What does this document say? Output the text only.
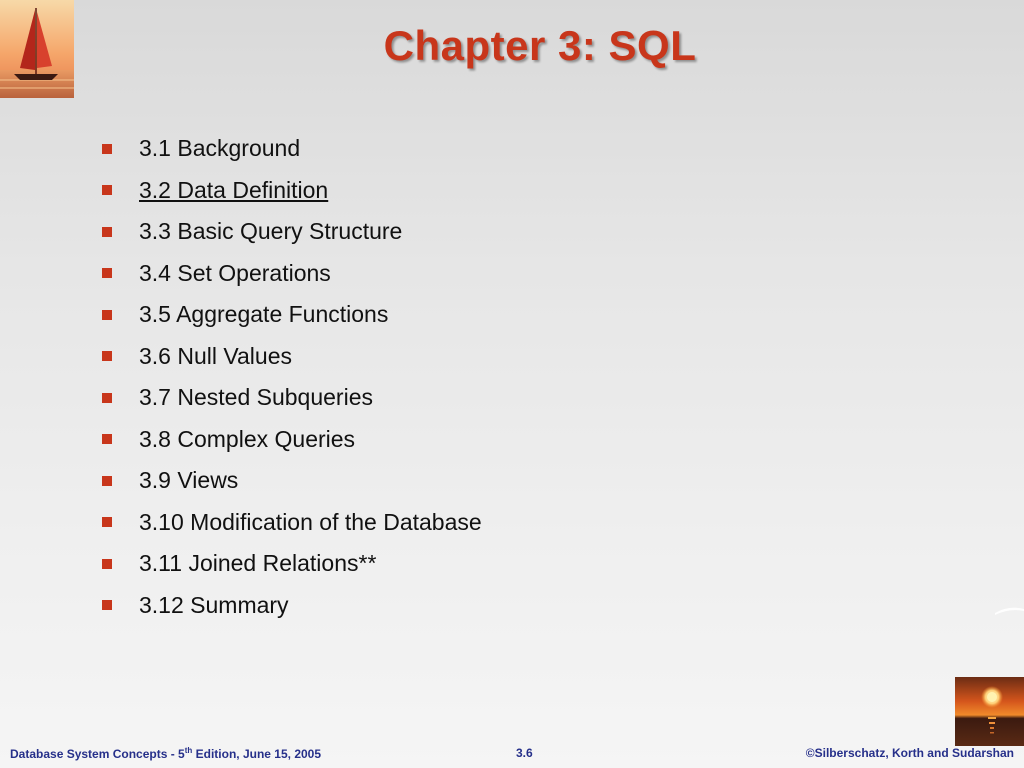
Chapter 3: SQL
3.1 Background
3.2 Data Definition
3.3 Basic Query Structure
3.4 Set Operations
3.5 Aggregate Functions
3.6 Null Values
3.7 Nested Subqueries
3.8 Complex Queries
3.9 Views
3.10 Modification of the Database
3.11 Joined Relations**
3.12 Summary
Database System Concepts - 5th Edition, June 15, 2005	3.6	©Silberschatz, Korth and Sudarshan
